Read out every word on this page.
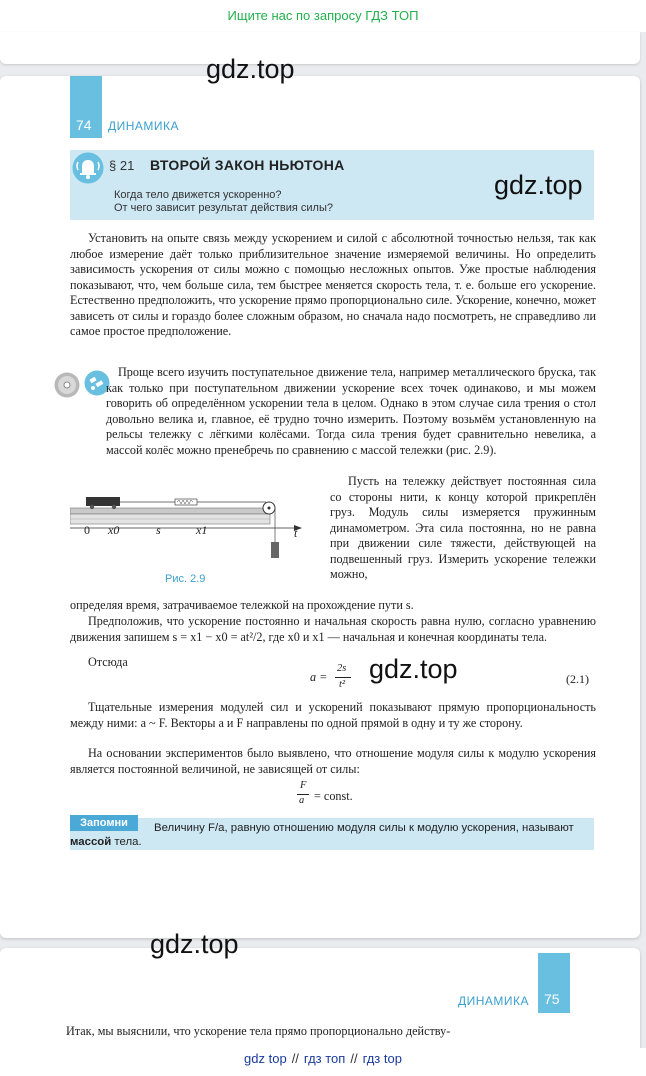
Ищите нас по запросу ГДЗ ТОП
74 ДИНАМИКА
gdz.top
§ 21 ВТОРОЙ ЗАКОН НЬЮТОНА
Когда тело движется ускоренно?
От чего зависит результат действия силы?
gdz.top

Установить на опыте связь между ускорением и силой с абсолютной точностью нельзя, так как любое измерение даёт только приблизительное значение измеряемой величины. Но определить зависимость ускорения от силы можно с помощью несложных опытов. Уже простые наблюдения показывают, что, чем больше сила, тем быстрее меняется скорость тела, т. е. больше его ускорение. Естественно предположить, что ускорение прямо пропорционально силе. Ускорение, конечно, может зависеть от силы и гораздо более сложным образом, но сначала надо посмотреть, не справедливо ли самое простое предположение.

Проще всего изучить поступательное движение тела, например металлического бруска, так как только при поступательном движении ускорение всех точек одинаково, и мы можем говорить об определённом ускорении тела в целом. Однако в этом случае сила трения о стол довольно велика и, главное, её трудно точно измерить. Поэтому возьмём установленную на рельсы тележку с лёгкими колёсами. Тогда сила трения будет сравнительно невелика, а массой колёс можно пренебречь по сравнению с массой тележки (рис. 2.9).

0 x0	s	x1	t
Рис. 2.9

Пусть на тележку действует постоянная сила со стороны нити, к концу которой прикреплён груз. Модуль силы измеряется пружинным динамометром. Эта сила постоянна, но не равна при движении силе тяжести, действующей на подвешенный груз. Измерить ускорение тележки можно,

определяя время, затрачиваемое тележкой на прохождение пути s.

Предположив, что ускорение постоянно и начальная скорость равна нулю, согласно уравнению движения запишем s = x1 − x0 = at²/2, где x0 и x1 — начальная и конечная координаты тела.

Отсюда

a =
2s
t²	(2.1)
gdz.top

Тщательные измерения модулей сил и ускорений показывают прямую пропорциональность между ними: a ~ F. Векторы a и F направлены по одной прямой в одну и ту же сторону.

На основании экспериментов было выявлено, что отношение модуля силы к модулю ускорения является постоянной величиной, не зависящей от силы:

F
a = const.
Запомни	Величину F/a, равную отношению модуля силы к модулю ускорения, называют массой тела.
gdz.top
75
ДИНАМИКА

Итак, мы выяснили, что ускорение тела прямо пропорционально действу-

gdz top // гдз топ // гдз top
